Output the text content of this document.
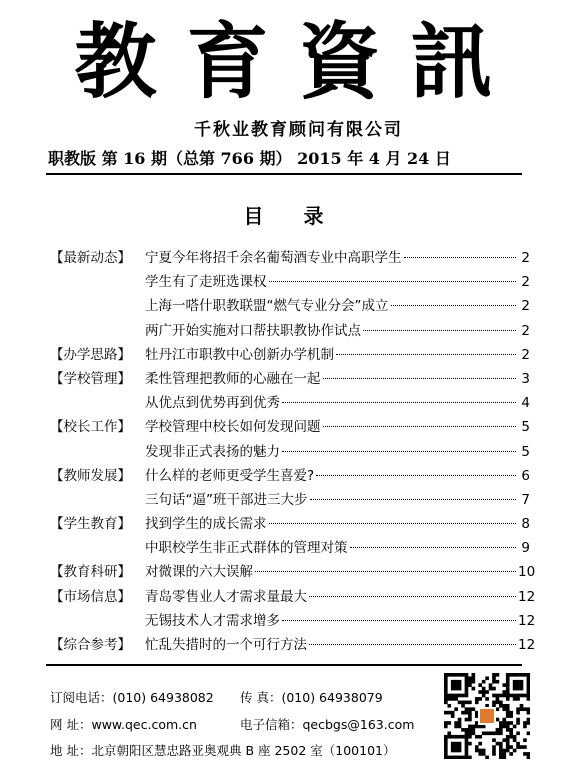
教育資訊
千秋业教育顾问有限公司
职教版 第 16 期（总第 766 期） 2015 年 4 月 24 日
目录
【最新动态】 宁夏今年将招千余名葡萄酒专业中高职学生	2
学生有了走班选课权	2
上海一嗒什职教联盟“燃气专业分会”成立	2
两广开始实施对口帮扶职教协作试点	2
【办学思路】 牡丹江市职教中心创新办学机制	2
【学校管理】 柔性管理把教师的心融在一起	3
从优点到优势再到优秀	4
【校长工作】 学校管理中校长如何发现问题	5
发现非正式表扬的魅力	5
【教师发展】 什么样的老师更受学生喜爱?	6
三句话“逼”班干部进三大步	7
【学生教育】 找到学生的成长需求	8
中职校学生非正式群体的管理对策	9
【教育科研】 对微课的六大误解	10
【市场信息】 青岛零售业人才需求量最大	12
无锡技术人才需求增多	12
【综合参考】 忙乱失措时的一个可行方法	12
订阅电话：(010) 64938082 传 真：(010) 64938079
网 址：www.qec.com.cn	电子信箱：qecbgs@163.com
地 址：北京朝阳区慧忠路亚奥观典 B 座 2502 室（100101）
